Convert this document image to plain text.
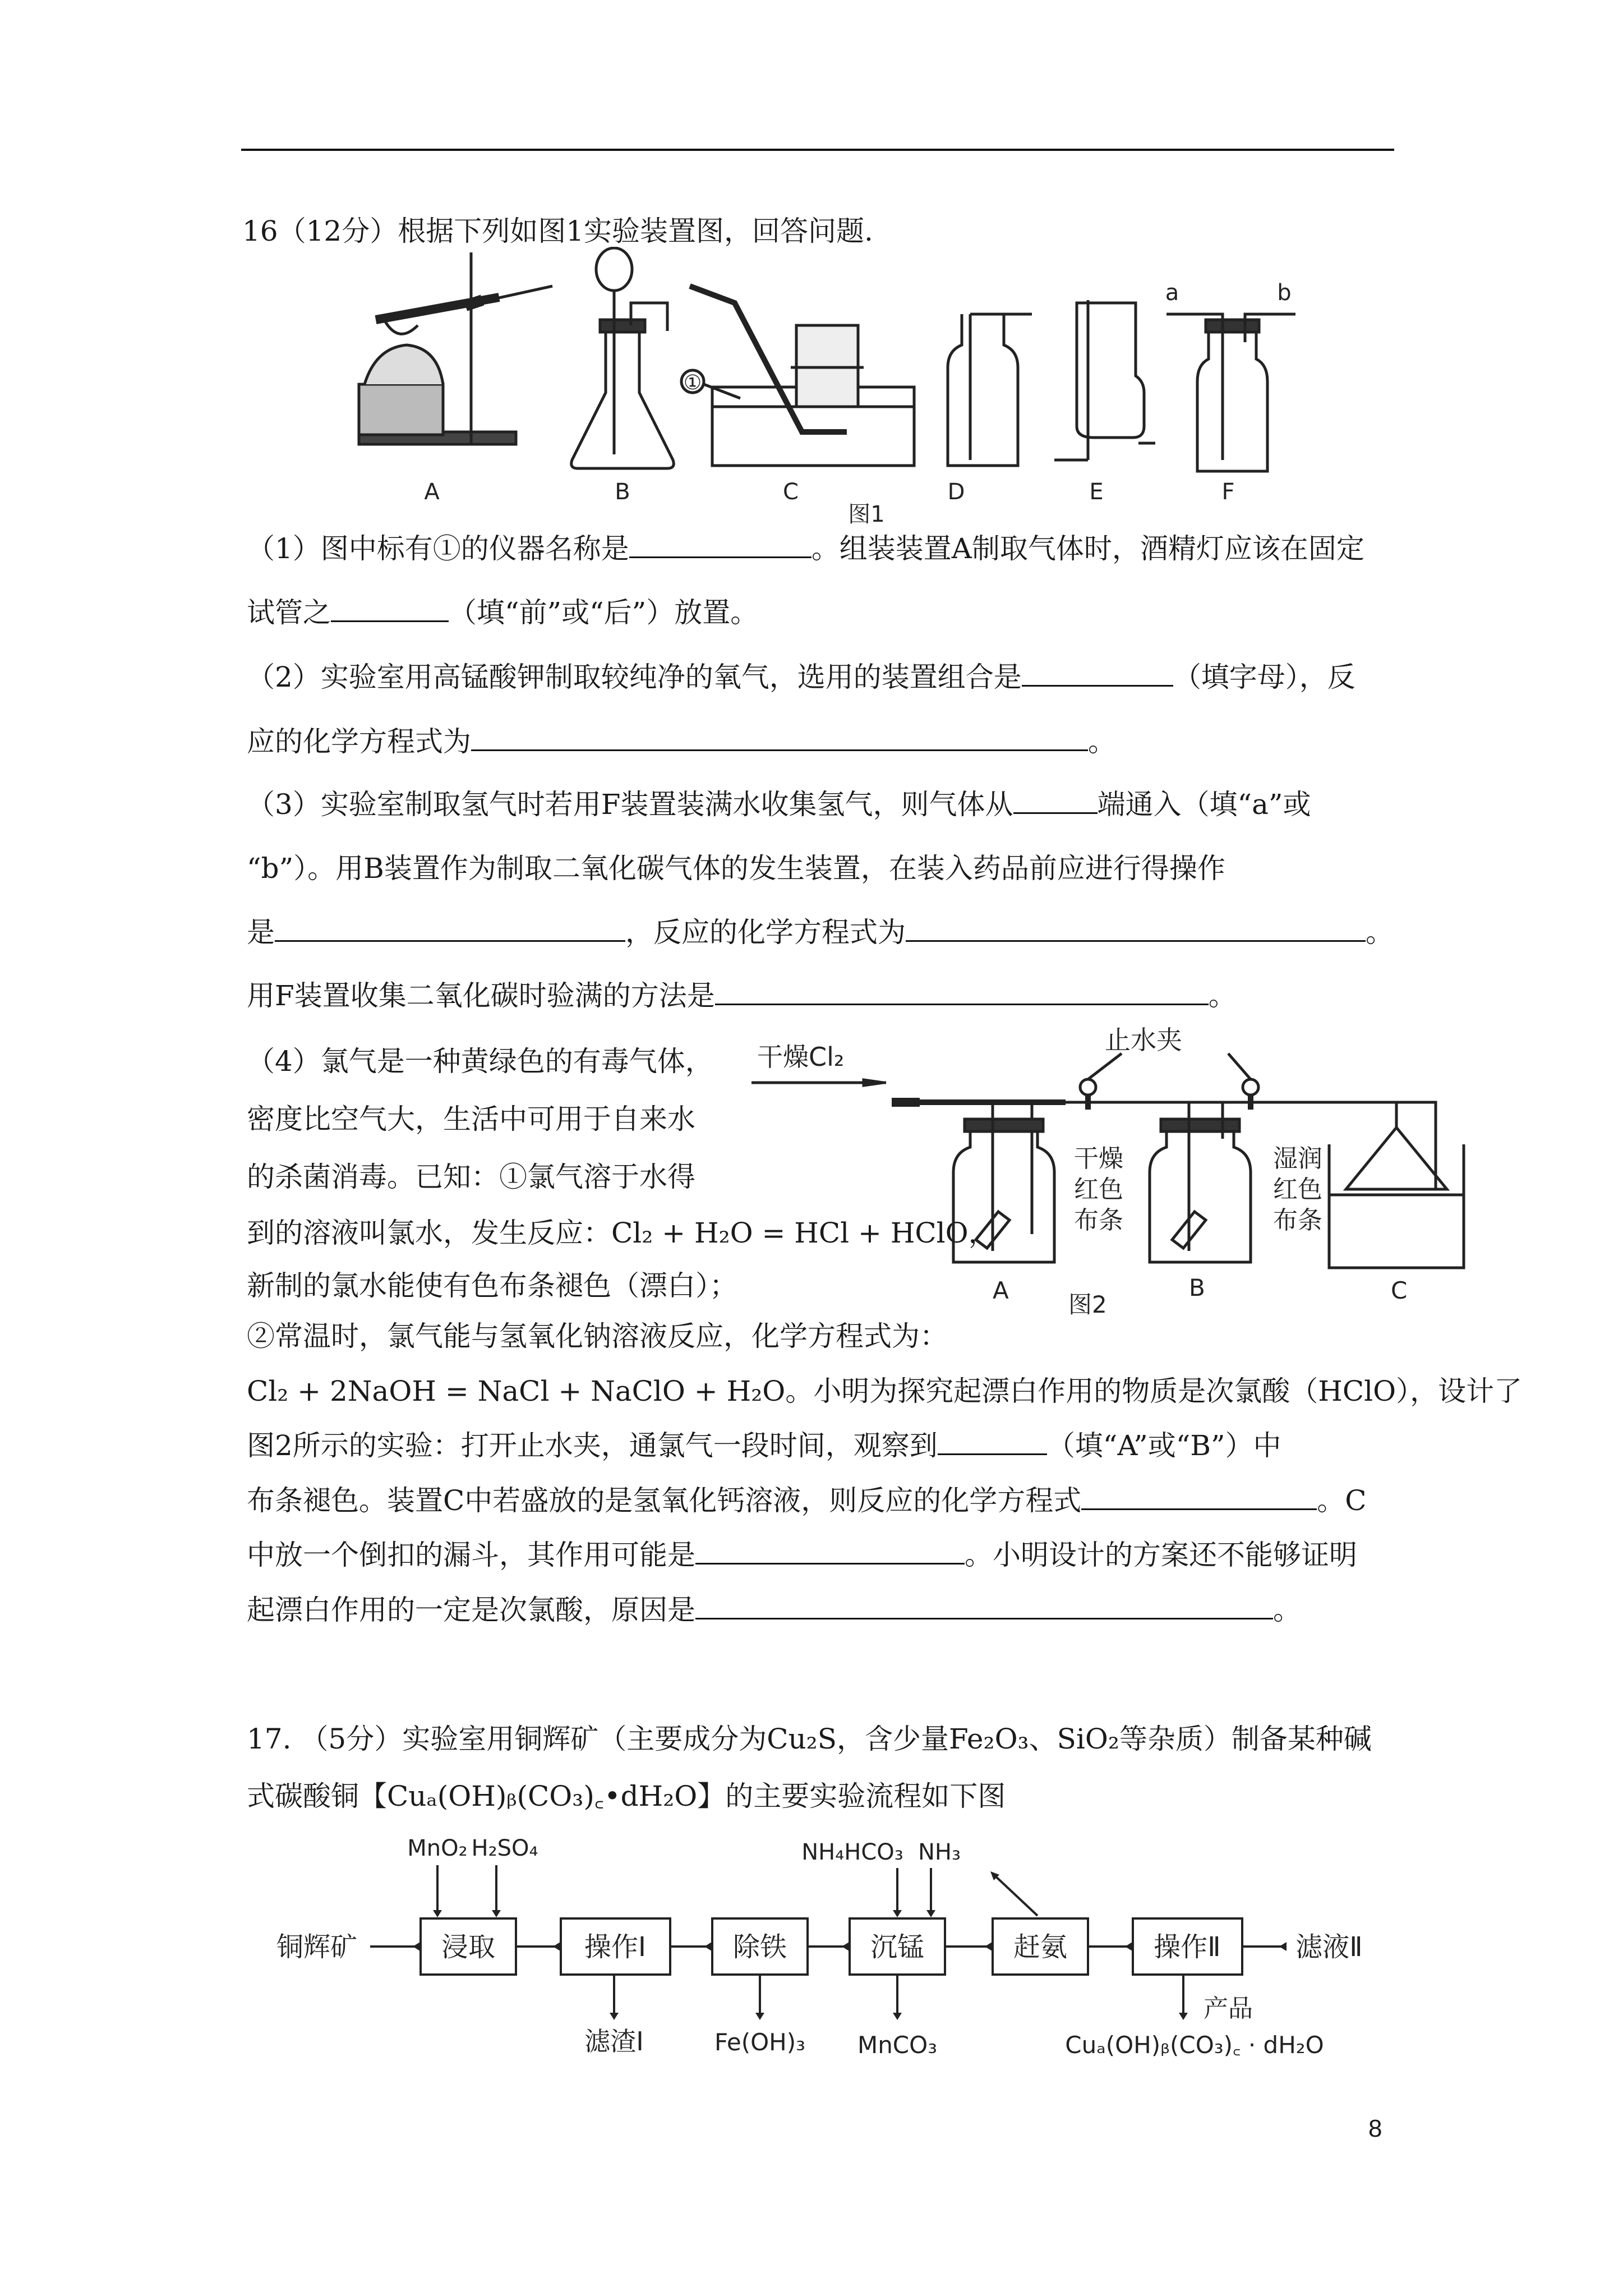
16（12分）根据下列如图1实验装置图，回答问题.
A	B	C	D	E	F
①
a	b
图1
（1）图中标有①的仪器名称是	。组装装置A制取气体时，酒精灯应该在固定
试管之	（填“前”或“后”）放置。
（2）实验室用高锰酸钾制取较纯净的氧气，选用的装置组合是	（填字母），反
应的化学方程式为	。
（3）实验室制取氢气时若用F装置装满水收集氢气，则气体从	端通入（填“a”或
“b”）。用B装置作为制取二氧化碳气体的发生装置，在装入药品前应进行得操作
是	，反应的化学方程式为	。
用F装置收集二氧化碳时验满的方法是	。
（4）氯气是一种黄绿色的有毒气体，
密度比空气大，生活中可用于自来水
的杀菌消毒。已知：①氯气溶于水得
到的溶液叫氯水，发生反应：Cl₂ + H₂O = HCl + HClO，
新制的氯水能使有色布条褪色（漂白）；
②常温时，氯气能与氢氧化钠溶液反应，化学方程式为：
Cl₂ + 2NaOH = NaCl + NaClO + H₂O。小明为探究起漂白作用的物质是次氯酸（HClO），设计了
图2所示的实验：打开止水夹，通氯气一段时间，观察到	（填“A”或“B”）中
布条褪色。装置C中若盛放的是氢氧化钙溶液，则反应的化学方程式	。C
中放一个倒扣的漏斗，其作用可能是	。小明设计的方案还不能够证明
起漂白作用的一定是次氯酸，原因是	。
干燥Cl₂
止水夹
干燥
红色
布条
湿润
红色
布条
A	B	C
图2
17. （5分）实验室用铜辉矿（主要成分为Cu₂S，含少量Fe₂O₃、SiO₂等杂质）制备某种碱
式碳酸铜【Cuₐ(OH)ᵦ(CO₃)꜀•dH₂O】的主要实验流程如下图
铜辉矿
MnO₂ H₂SO₄	NH₄HCO₃ NH₃
浸取	操作Ⅰ	除铁	沉锰	赶氨	操作Ⅱ	滤液Ⅱ
滤渣Ⅰ	Fe(OH)₃ MnCO₃
产品
Cuₐ(OH)ᵦ(CO₃)꜀ · dH₂O
8
